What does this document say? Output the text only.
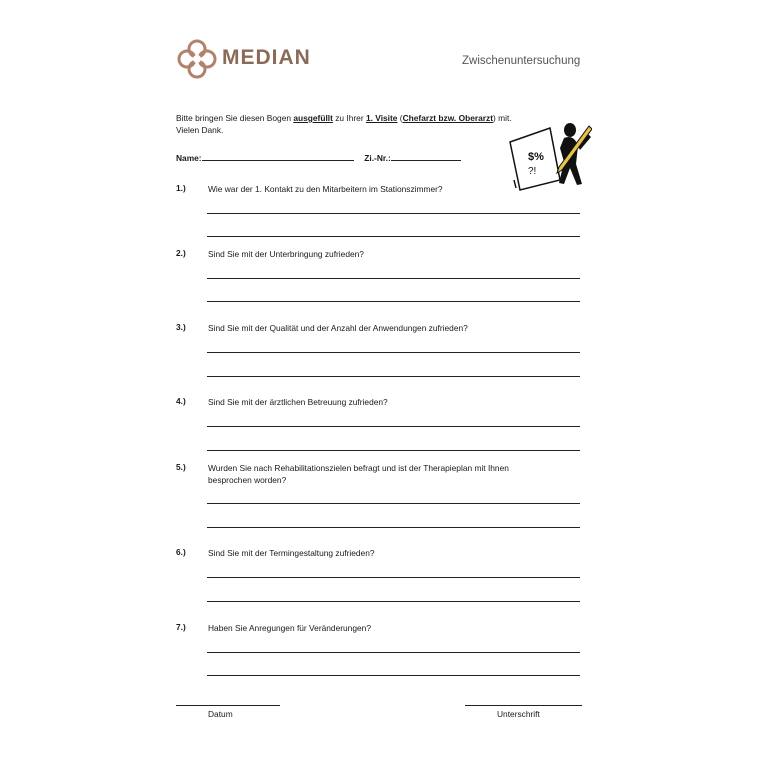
MEDIAN	Zwischenuntersuchung
Bitte bringen Sie diesen Bogen ausgefüllt zu Ihrer 1. Visite (Chefarzt bzw. Oberarzt) mit.
Vielen Dank.
$%
?!
Name:	Zi.-Nr.:
1.)	Wie war der 1. Kontakt zu den Mitarbeitern im Stationszimmer?
2.)	Sind Sie mit der Unterbringung zufrieden?
3.)	Sind Sie mit der Qualität und der Anzahl der Anwendungen zufrieden?
4.)	Sind Sie mit der ärztlichen Betreuung zufrieden?
5.)	Wurden Sie nach Rehabilitationszielen befragt und ist der Therapieplan mit Ihnen besprochen worden?
6.)	Sind Sie mit der Termingestaltung zufrieden?
7.)	Haben Sie Anregungen für Veränderungen?
Datum	Unterschrift
